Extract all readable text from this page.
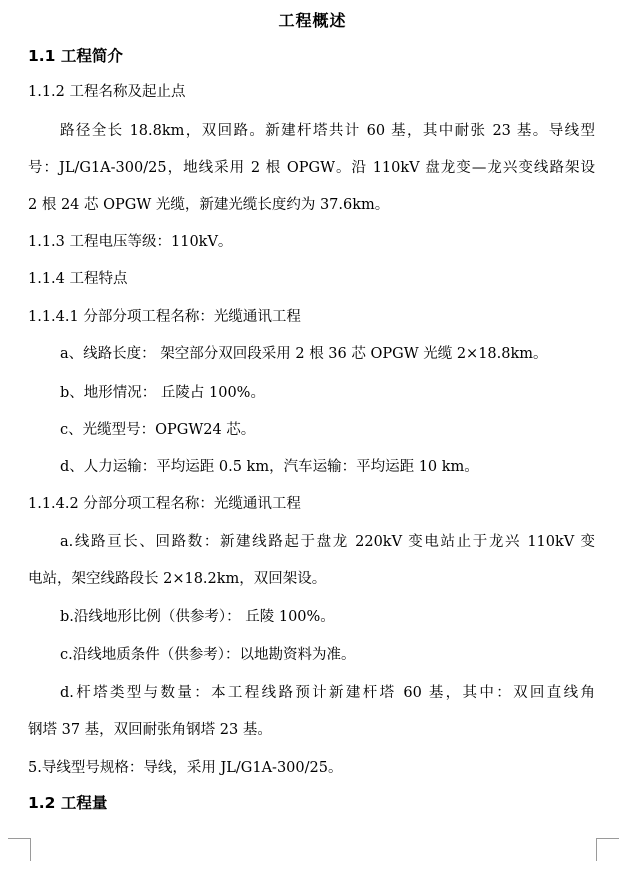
工程概述
1.1 工程简介
1.1.2 工程名称及起止点
路径全长 18.8km，双回路。新建杆塔共计 60 基，其中耐张 23 基。导线型
号：JL/G1A-300/25，地线采用 2 根 OPGW。沿 110kV 盘龙变—龙兴变线路架设
2 根 24 芯 OPGW 光缆，新建光缆长度约为 37.6km。
1.1.3 工程电压等级：110kV。
1.1.4 工程特点
1.1.4.1 分部分项工程名称：光缆通讯工程
a、线路长度： 架空部分双回段采用 2 根 36 芯 OPGW 光缆 2×18.8km。
b、地形情况： 丘陵占 100%。
c、光缆型号：OPGW24 芯。
d、人力运输：平均运距 0.5 km，汽车运输：平均运距 10 km。
1.1.4.2 分部分项工程名称：光缆通讯工程
a.线路亘长、回路数：新建线路起于盘龙 220kV 变电站止于龙兴 110kV 变
电站，架空线路段长 2×18.2km，双回架设。
b.沿线地形比例（供参考）： 丘陵 100%。
c.沿线地质条件（供参考）：以地勘资料为准。
d.杆塔类型与数量：本工程线路预计新建杆塔 60 基，其中：双回直线角
钢塔 37 基，双回耐张角钢塔 23 基。
5.导线型号规格：导线，采用 JL/G1A-300/25。
1.2 工程量
